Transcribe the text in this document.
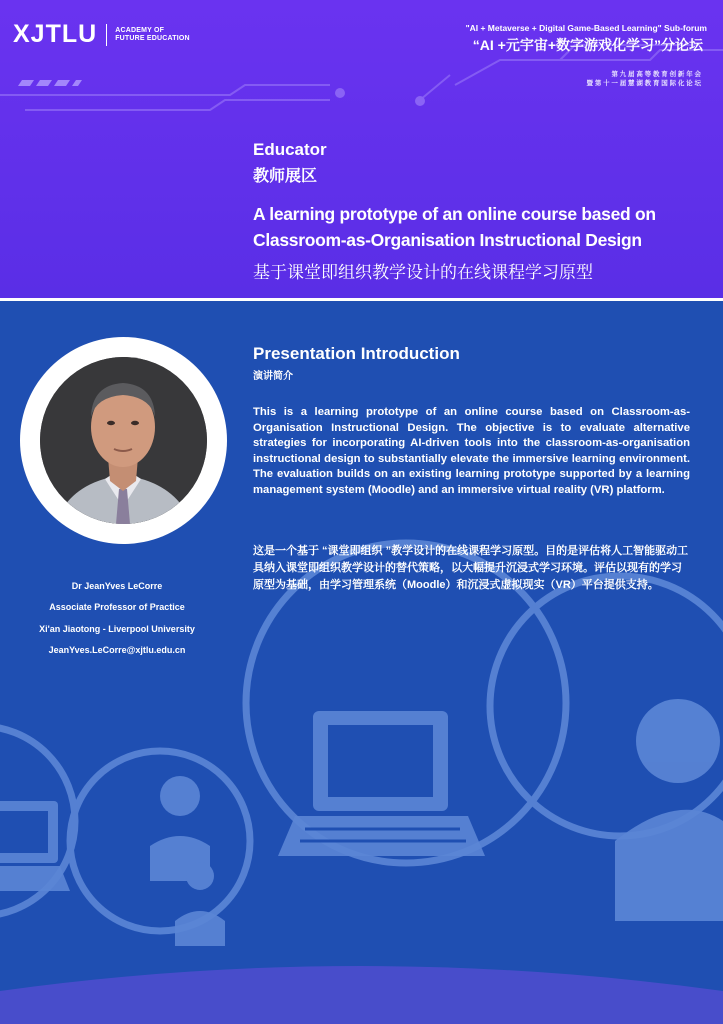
XJTLU	ACADEMY OF
FUTURE EDUCATION
"AI + Metaverse + Digital Game-Based Learning" Sub-forum
“AI +元宇宙+数字游戏化学习”分论坛
第 九 届 高 等 教 育 创 新 年 会
暨 第 十 一 届 慧 湖 教 育 国 际 化 论 坛
Educator
教师展区
A learning prototype of an online course based on Classroom-as-Organisation Instructional Design
基于课堂即组织教学设计的在线课程学习原型
Presentation Introduction
演讲简介
This is a learning prototype of an online course based on Classroom-as-Organisation Instructional Design. The objective is to evaluate alternative strategies for incorporating AI-driven tools into the classroom-as-organisation instructional design to substantially elevate the immersive learning environment. The evaluation builds on an existing learning prototype supported by a learning management system (Moodle) and an immersive virtual reality (VR) platform.
这是一个基于 “课堂即组织 ”教学设计的在线课程学习原型。目的是评估将人工智能驱动工具纳入课堂即组织教学设计的替代策略，以大幅提升沉浸式学习环境。评估以现有的学习原型为基础，由学习管理系统（Moodle）和沉浸式虚拟现实（VR）平台提供支持。
Dr JeanYves LeCorre
Associate Professor of Practice
Xi'an Jiaotong - Liverpool University
JeanYves.LeCorre@xjtlu.edu.cn
